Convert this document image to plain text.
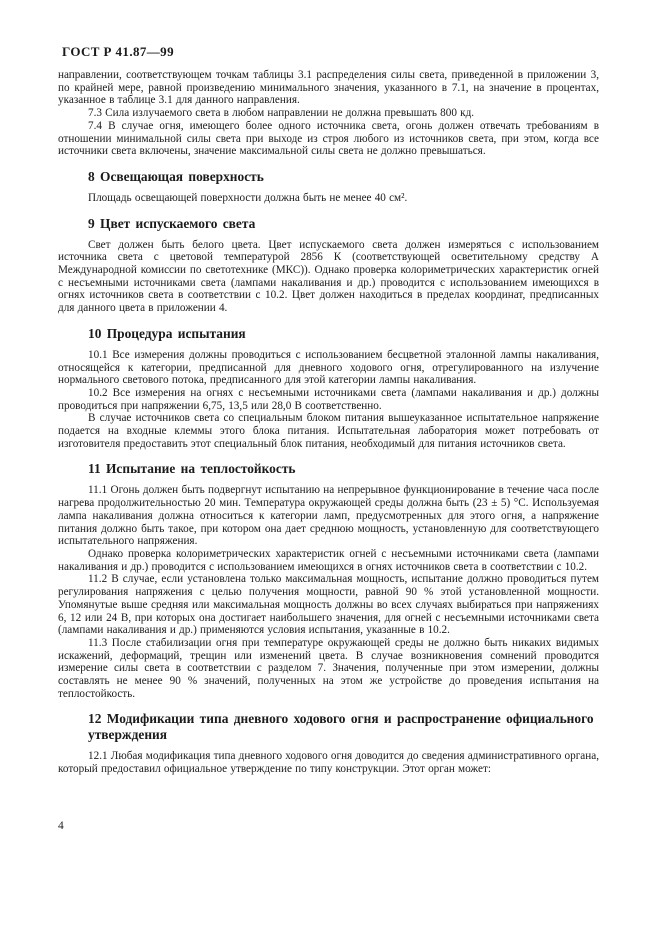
ГОСТ Р 41.87—99

направлении, соответствующем точкам таблицы 3.1 распределения силы света, приведенной в приложении 3, по крайней мере, равной произведению минимального значения, указанного в 7.1, на значение в процентах, указанное в таблице 3.1 для данного направления.

7.3 Сила излучаемого света в любом направлении не должна превышать 800 кд.

7.4 В случае огня, имеющего более одного источника света, огонь должен отвечать требованиям в отношении минимальной силы света при выходе из строя любого из источников света, при этом, когда все источники света включены, значение максимальной силы света не должно превышаться.

8 Освещающая поверхность

Площадь освещающей поверхности должна быть не менее 40 см².

9 Цвет испускаемого света

Свет должен быть белого цвета. Цвет испускаемого света должен измеряться с использованием источника света с цветовой температурой 2856 К (соответствующей осветительному средству А Международной комиссии по светотехнике (МКС)). Однако проверка колориметрических характеристик огней с несъемными источниками света (лампами накаливания и др.) проводится с использованием имеющихся в огнях источников света в соответствии с 10.2. Цвет должен находиться в пределах координат, предписанных для данного цвета в приложении 4.

10 Процедура испытания

10.1 Все измерения должны проводиться с использованием бесцветной эталонной лампы накаливания, относящейся к категории, предписанной для дневного ходового огня, отрегулированного на излучение нормального светового потока, предписанного для этой категории лампы накаливания.

10.2 Все измерения на огнях с несъемными источниками света (лампами накаливания и др.) должны проводиться при напряжении 6,75, 13,5 или 28,0 В соответственно.

В случае источников света со специальным блоком питания вышеуказанное испытательное напряжение подается на входные клеммы этого блока питания. Испытательная лаборатория может потребовать от изготовителя предоставить этот специальный блок питания, необходимый для питания источников света.

11 Испытание на теплостойкость

11.1 Огонь должен быть подвергнут испытанию на непрерывное функционирование в течение часа после нагрева продолжительностью 20 мин. Температура окружающей среды должна быть (23 ± 5) °С. Используемая лампа накаливания должна относиться к категории ламп, предусмотренных для этого огня, а напряжение питания должно быть такое, при котором она дает среднюю мощность, установленную для соответствующего испытательного напряжения.

Однако проверка колориметрических характеристик огней с несъемными источниками света (лампами накаливания и др.) проводится с использованием имеющихся в огнях источников света в соответствии с 10.2.

11.2 В случае, если установлена только максимальная мощность, испытание должно проводиться путем регулирования напряжения с целью получения мощности, равной 90 % этой установленной мощности. Упомянутые выше средняя или максимальная мощность должны во всех случаях выбираться при напряжениях 6, 12 или 24 В, при которых она достигает наибольшего значения, для огней с несъемными источниками света (лампами накаливания и др.) применяются условия испытания, указанные в 10.2.

11.3 После стабилизации огня при температуре окружающей среды не должно быть никаких видимых искажений, деформаций, трещин или изменений цвета. В случае возникновения сомнений проводится измерение силы света в соответствии с разделом 7. Значения, полученные при этом измерении, должны составлять не менее 90 % значений, полученных на этом же устройстве до проведения испытания на теплостойкость.

12 Модификации типа дневного ходового огня и распространение официального утверждения

12.1 Любая модификация типа дневного ходового огня доводится до сведения административного органа, который предоставил официальное утверждение по типу конструкции. Этот орган может:

4
